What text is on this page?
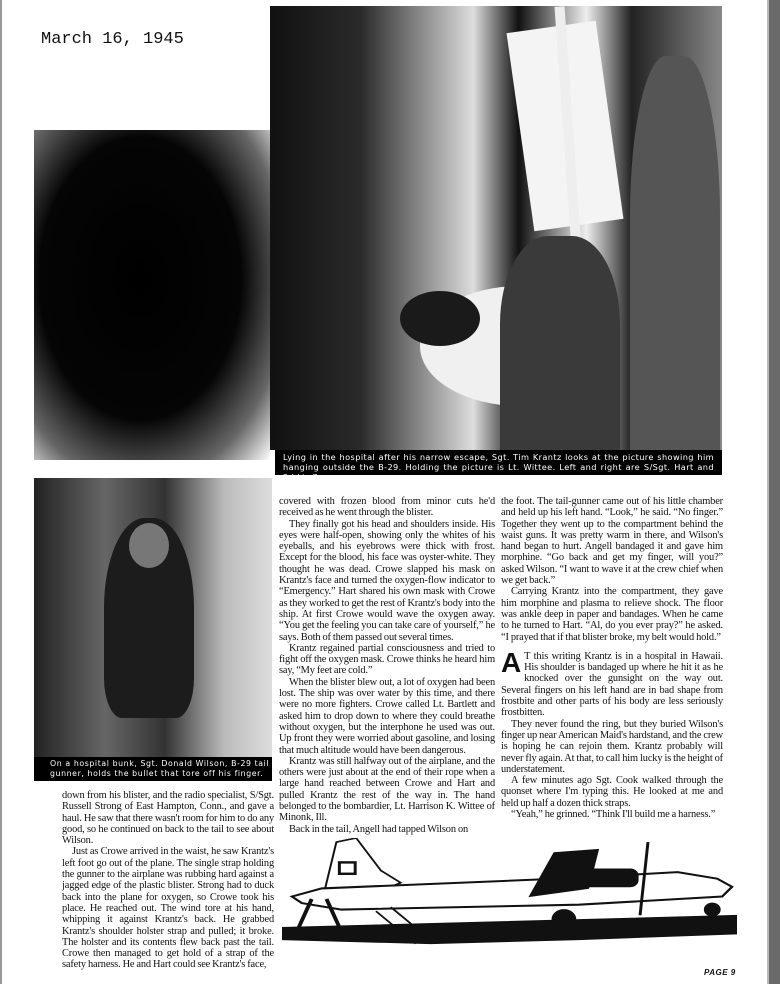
March 16, 1945
Lying in the hospital after his narrow escape, Sgt. Tim Krantz looks at the picture showing him hanging outside the B-29. Holding the picture is Lt. Wittee. Left and right are S/Sgt. Hart and 2d Lt. Crowe.
On a hospital bunk, Sgt. Donald Wilson, B-29 tail gunner, holds the bullet that tore off his finger.

covered with frozen blood from minor cuts he'd received as he went through the blister.

They finally got his head and shoulders inside. His eyes were half-open, showing only the whites of his eyeballs, and his eyebrows were thick with frost. Except for the blood, his face was oyster-white. They thought he was dead. Crowe slapped his mask on Krantz's face and turned the oxygen-flow indicator to “Emergency.” Hart shared his own mask with Crowe as they worked to get the rest of Krantz's body into the ship. At first Crowe would wave the oxygen away. “You get the feeling you can take care of yourself,” he says. Both of them passed out several times.

Krantz regained partial consciousness and tried to fight off the oxygen mask. Crowe thinks he heard him say, “My feet are cold.”

When the blister blew out, a lot of oxygen had been lost. The ship was over water by this time, and there were no more fighters. Crowe called Lt. Bartlett and asked him to drop down to where they could breathe without oxygen, but the interphone he used was out. Up front they were worried about gasoline, and losing that much altitude would have been dangerous.

Krantz was still halfway out of the airplane, and the others were just about at the end of their rope when a large hand reached between Crowe and Hart and pulled Krantz the rest of the way in. The hand belonged to the bombardier, Lt. Harrison K. Wittee of Minonk, Ill.

Back in the tail, Angell had tapped Wilson on

the foot. The tail-gunner came out of his little chamber and held up his left hand. “Look,” he said. “No finger.” Together they went up to the compartment behind the waist guns. It was pretty warm in there, and Wilson's hand began to hurt. Angell bandaged it and gave him morphine. “Go back and get my finger, will you?” asked Wilson. “I want to wave it at the crew chief when we get back.”

Carrying Krantz into the compartment, they gave him morphine and plasma to relieve shock. The floor was ankle deep in paper and bandages. When he came to he turned to Hart. “Al, do you ever pray?” he asked. “I prayed that if that blister broke, my belt would hold.”

A T this writing Krantz is in a hospital in Hawaii. His shoulder is bandaged up where he hit it as he knocked over the gunsight on the way out. Several fingers on his left hand are in bad shape from frostbite and other parts of his body are less seriously frostbitten.

They never found the ring, but they buried Wilson's finger up near American Maid's hardstand, and the crew is hoping he can rejoin them. Krantz probably will never fly again. At that, to call him lucky is the height of understatement.

A few minutes ago Sgt. Cook walked through the quonset where I'm typing this. He looked at me and held up half a dozen thick straps.

“Yeah,” he grinned. “Think I'll build me a harness.”

down from his blister, and the radio specialist, S/Sgt. Russell Strong of East Hampton, Conn., and gave a haul. He saw that there wasn't room for him to do any good, so he continued on back to the tail to see about Wilson.

Just as Crowe arrived in the waist, he saw Krantz's left foot go out of the plane. The single strap holding the gunner to the airplane was rubbing hard against a jagged edge of the plastic blister. Strong had to duck back into the plane for oxygen, so Crowe took his place. He reached out. The wind tore at his hand, whipping it against Krantz's back. He grabbed Krantz's shoulder holster strap and pulled; it broke. The holster and its contents flew back past the tail. Crowe then managed to get hold of a strap of the safety harness. He and Hart could see Krantz's face,

PAGE 9
